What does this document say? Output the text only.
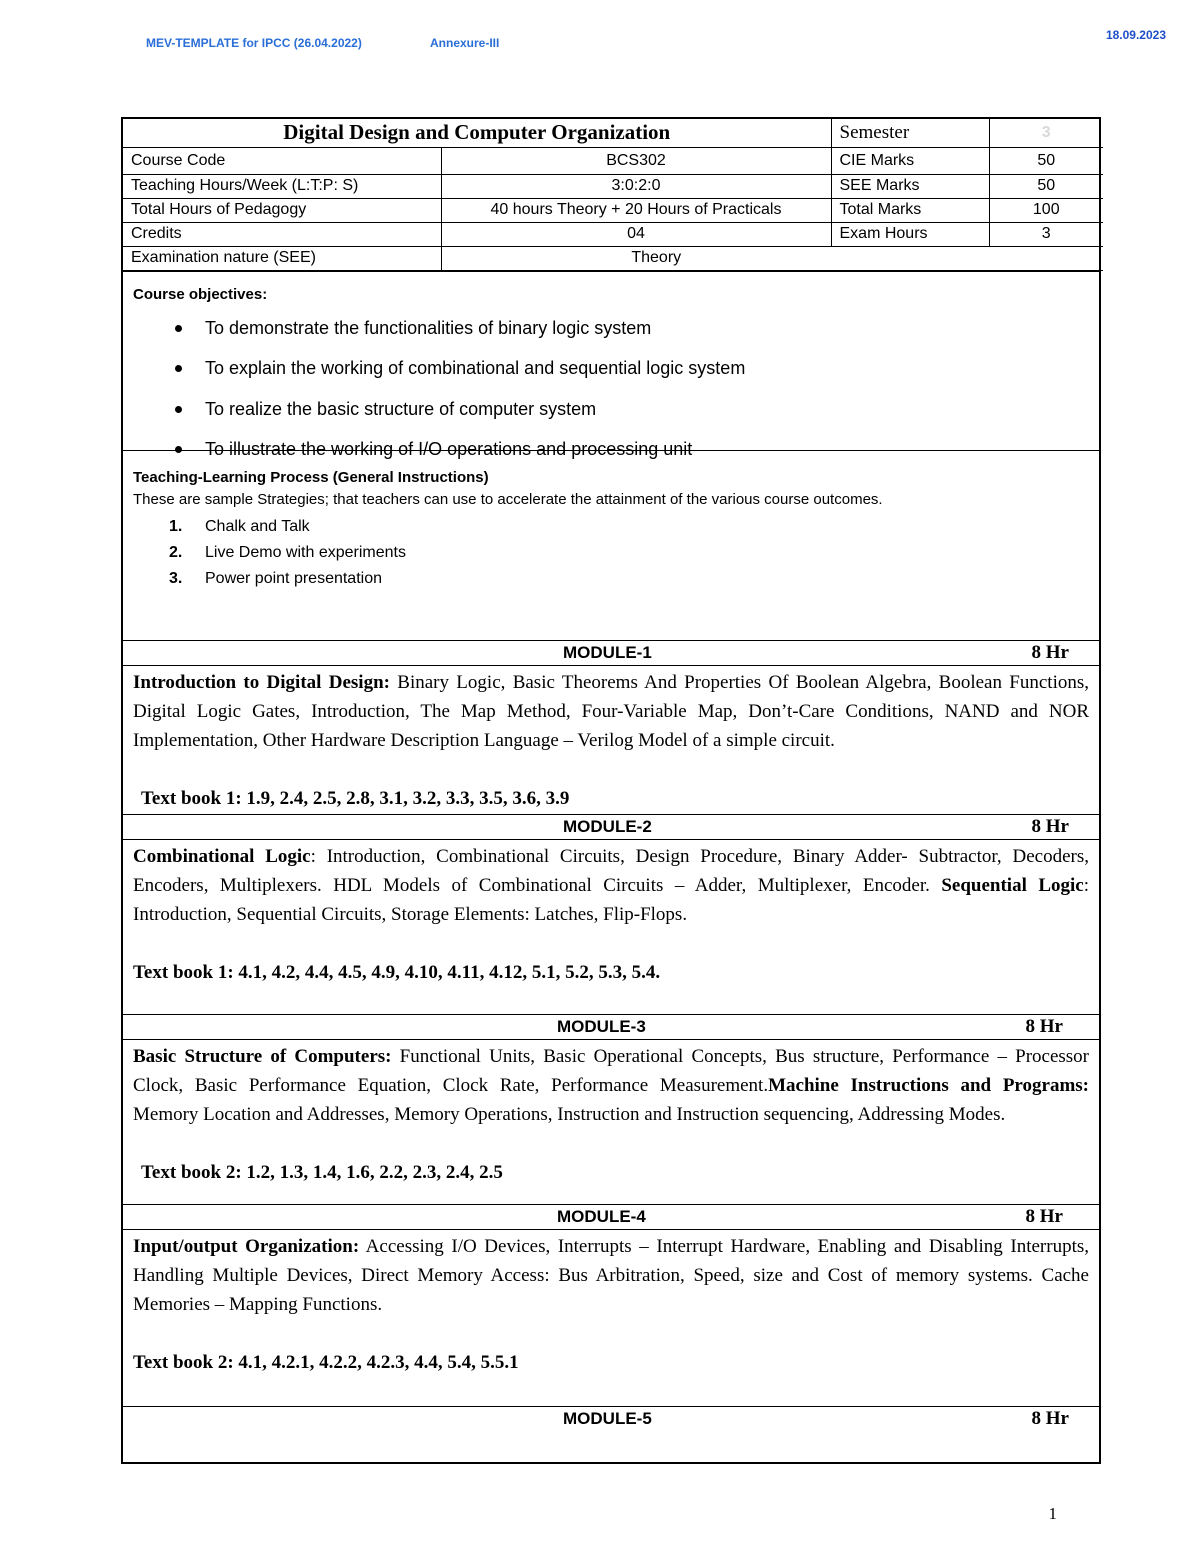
MEV-TEMPLATE for IPCC (26.04.2022)	Annexure-III
18.09.2023
Digital Design and Computer Organization		Semester	3
Course Code	BCS302	CIE Marks	50
Teaching Hours/Week (L:T:P: S)	3:0:2:0	SEE Marks	50
Total Hours of Pedagogy	40 hours Theory + 20 Hours of Practicals	Total Marks	100
Credits	04	Exam Hours	3
Examination nature (SEE)	Theory		
Course objectives:
To demonstrate the functionalities of binary logic system
To explain the working of combinational and sequential logic system
To realize the basic structure of computer system
To illustrate the working of I/O operations and processing unit
Teaching-Learning Process (General Instructions)
These are sample Strategies; that teachers can use to accelerate the attainment of the various course outcomes.
1. Chalk and Talk
2. Live Demo with experiments
3. Power point presentation
MODULE-1	8 Hr

Introduction to Digital Design: Binary Logic, Basic Theorems And Properties Of Boolean Algebra, Boolean Functions, Digital Logic Gates, Introduction, The Map Method, Four-Variable Map, Don’t-Care Conditions, NAND and NOR Implementation, Other Hardware Description Language – Verilog Model of a simple circuit.

Text book 1: 1.9, 2.4, 2.5, 2.8, 3.1, 3.2, 3.3, 3.5, 3.6, 3.9
MODULE-2	8 Hr

Combinational Logic: Introduction, Combinational Circuits, Design Procedure, Binary Adder- Subtractor, Decoders, Encoders, Multiplexers. HDL Models of Combinational Circuits – Adder, Multiplexer, Encoder. Sequential Logic: Introduction, Sequential Circuits, Storage Elements: Latches, Flip-Flops.

Text book 1: 4.1, 4.2, 4.4, 4.5, 4.9, 4.10, 4.11, 4.12, 5.1, 5.2, 5.3, 5.4.
MODULE-3	8 Hr

Basic Structure of Computers: Functional Units, Basic Operational Concepts, Bus structure, Performance – Processor Clock, Basic Performance Equation, Clock Rate, Performance Measurement.Machine Instructions and Programs: Memory Location and Addresses, Memory Operations, Instruction and Instruction sequencing, Addressing Modes.

Text book 2: 1.2, 1.3, 1.4, 1.6, 2.2, 2.3, 2.4, 2.5
MODULE-4	8 Hr

Input/output Organization: Accessing I/O Devices, Interrupts – Interrupt Hardware, Enabling and Disabling Interrupts, Handling Multiple Devices, Direct Memory Access: Bus Arbitration, Speed, size and Cost of memory systems. Cache Memories – Mapping Functions.

Text book 2: 4.1, 4.2.1, 4.2.2, 4.2.3, 4.4, 5.4, 5.5.1
MODULE-5	8 Hr
1
